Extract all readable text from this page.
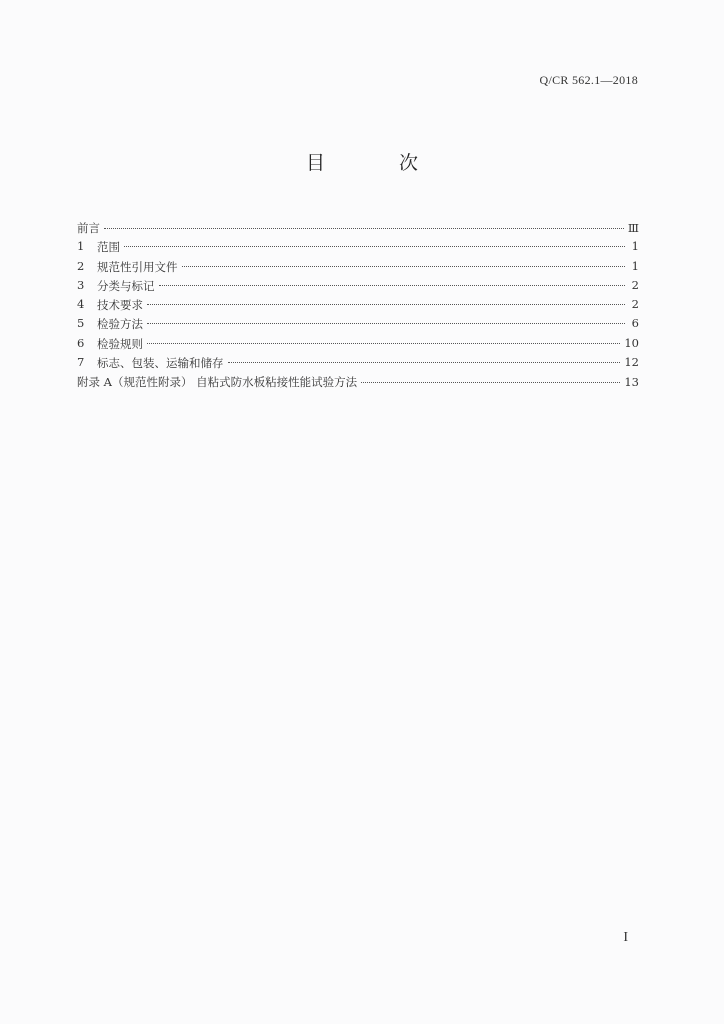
Q/CR 562.1—2018
目 次
前言	Ⅲ
1	范围	1
2	规范性引用文件	1
3	分类与标记	2
4	技术要求	2
5	检验方法	6
6	检验规则	10
7	标志、包装、运输和储存	12
附录 A（规范性附录） 自粘式防水板粘接性能试验方法	13
I
